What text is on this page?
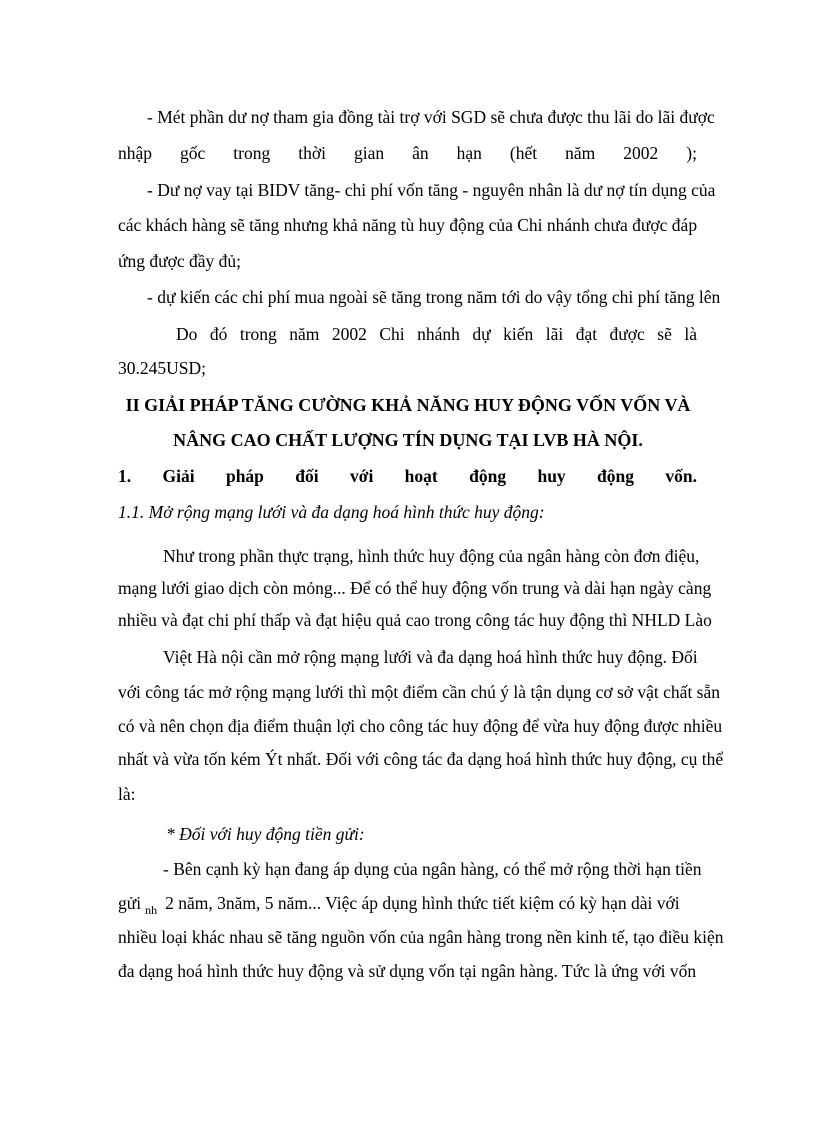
- Mét phần dư nợ tham gia đồng tài trợ với SGD sẽ chưa được thu lãi do lãi được
nhập gốc trong thời gian ân hạn (hết năm 2002 );
- Dư nợ vay tại BIDV tăng- chi phí vốn tăng - nguyên nhân là dư nợ tín dụng của
các khách hàng sẽ tăng nhưng khả năng tù huy động của Chi nhánh chưa được đáp
ứng được đầy đủ;
- dự kiến các chi phí mua ngoài sẽ tăng trong năm tới do vậy tổng chi phí tăng lên
Do đó trong năm 2002 Chi nhánh dự kiến lãi đạt được sẽ là
30.245USD;
II GIẢI PHÁP TĂNG CƯỜNG KHẢ NĂNG HUY ĐỘNG VỐN VỐN VÀ
NÂNG CAO CHẤT LƯỢNG TÍN DỤNG TẠI LVB HÀ NỘI.
1. Giải pháp đối với hoạt động huy động vốn.
1.1. Mở rộng mạng lưới và đa dạng hoá hình thức huy động:
Như trong phần thực trạng, hình thức huy động của ngân hàng còn đơn điệu,
mạng lưới giao dịch còn mỏng... Để có thể huy động vốn trung và dài hạn ngày càng
nhiều và đạt chi phí thấp và đạt hiệu quả cao trong công tác huy động thì NHLD Lào
Việt Hà nội cần mở rộng mạng lưới và đa dạng hoá hình thức huy động. Đối
với công tác mở rộng mạng lưới thì một điểm cần chú ý là tận dụng cơ sở vật chất sẵn
có và nên chọn địa điểm thuận lợi cho công tác huy động để vừa huy động được nhiều
nhất và vừa tốn kém Ýt nhất. Đối với công tác đa dạng hoá hình thức huy động, cụ thể
là:
* Đối với huy động tiền gửi:
- Bên cạnh kỳ hạn đang áp dụng của ngân hàng, có thể mở rộng thời hạn tiền
gửi $_{nh}$ 2 năm, 3năm, 5 năm... Việc áp dụng hình thức tiết kiệm có kỳ hạn dài với
nhiều loại khác nhau sẽ tăng nguồn vốn của ngân hàng trong nền kinh tế, tạo điều kiện
đa dạng hoá hình thức huy động và sử dụng vốn tại ngân hàng. Tức là ứng với vốn
